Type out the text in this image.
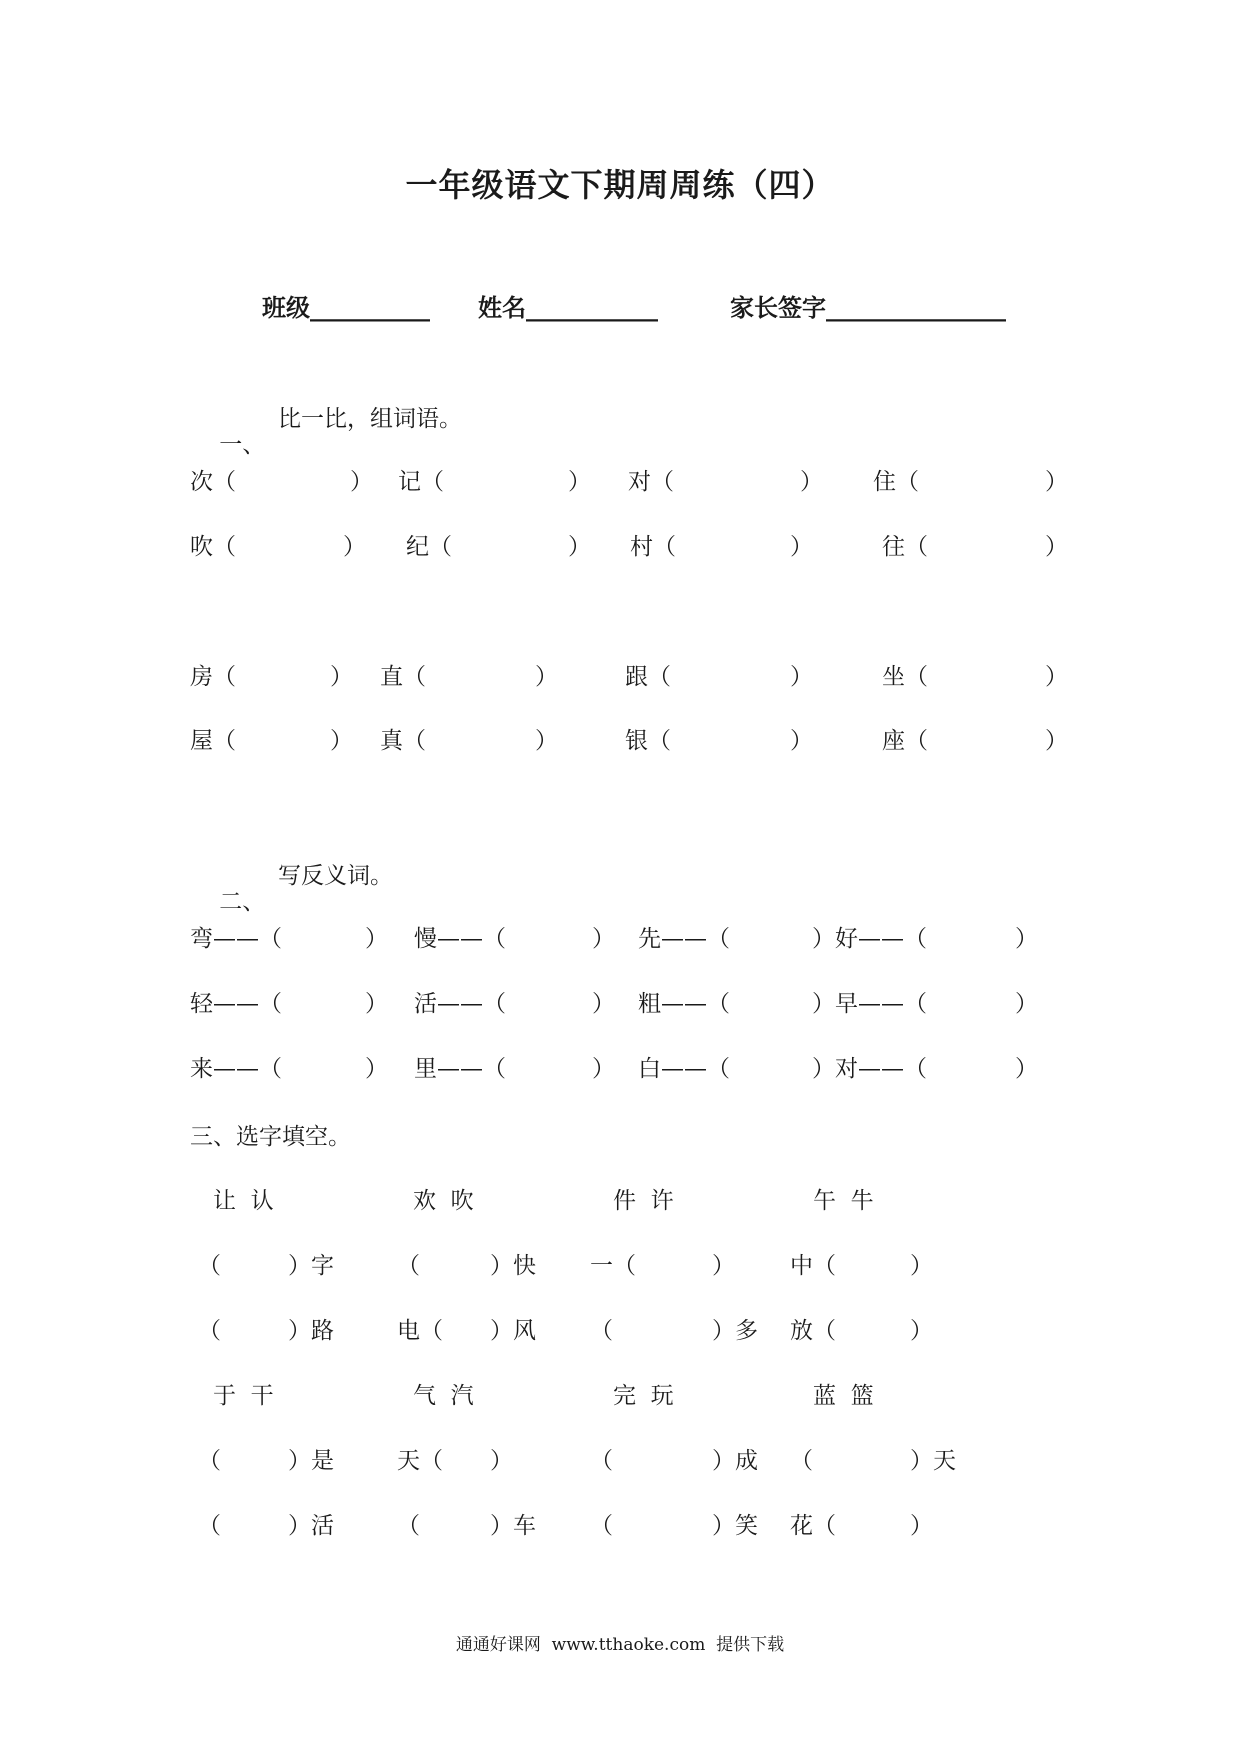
一年级语文下期周周练（四）
班级__________ 姓名___________	家长签字_______________

一、

比一比，组词语。

次（	） 记（	） 对（	） 住（	）
吹（	） 纪（	） 村（	）	往（	）
房（	） 直（	）	跟（	）	坐（	）
屋（	） 真（	）	银（	）	座（	）

二、

写反义词。

弯——（	） 慢——（	） 先——（	）好——（	）
轻——（	） 活——（	） 粗——（	）早——（	）
来——（	） 里——（	） 白——（	）对——（	）
三、选字填空。
让  认	欢  吹	件  许	午  牛
（	）字	（	）快 一（	） 中（	）
（	）路	电（ ）风 （	）多 放（	）
于  干	气  汽	完  玩	蓝  篮
（	）是	天（ ）	（	）成 （	）天
（	）活	（	）车 （	）笑 花（	）
通通好课网  www.tthaoke.com  提供下载
